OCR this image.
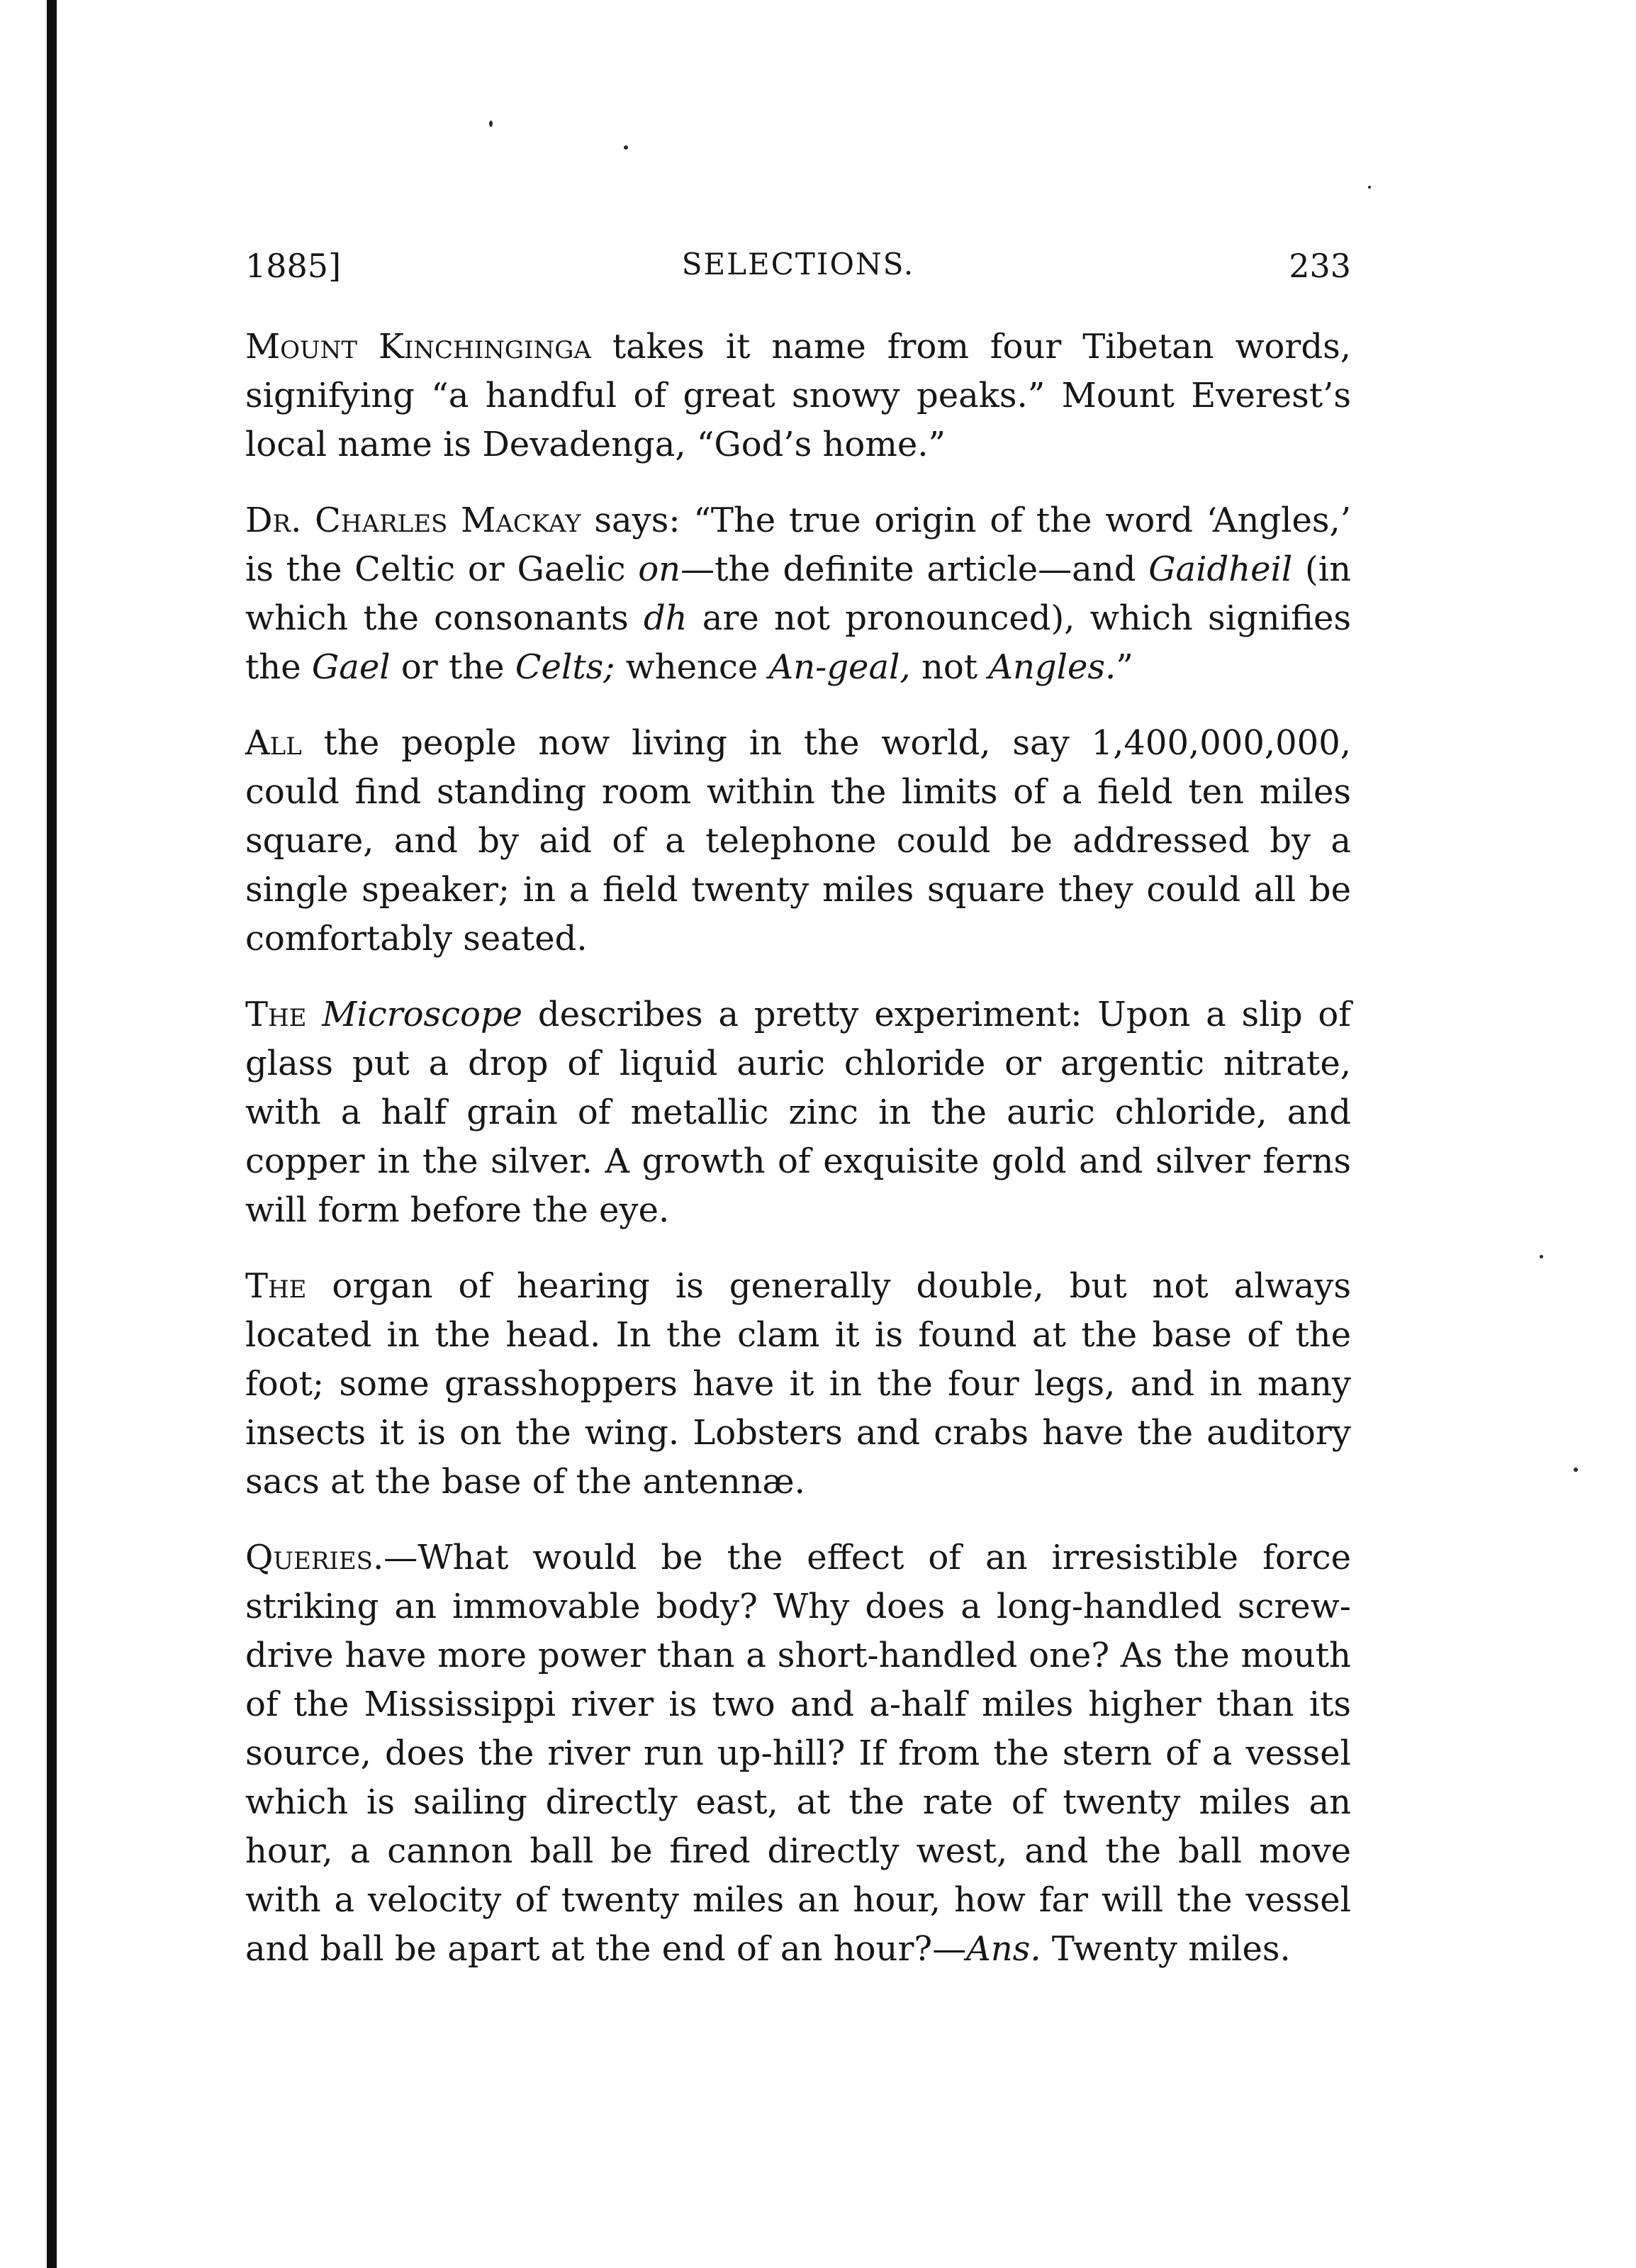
1885]	SELECTIONS.	233

Mount Kinchinginga takes it name from four Tibetan words, signifying “a handful of great snowy peaks.” Mount Everest’s local name is Devadenga, “God’s home.”

Dr. Charles Mackay says: “The true origin of the word ‘Angles,’ is the Celtic or Gaelic on—the definite article—and Gaidheil (in which the consonants dh are not pronounced), which signifies the Gael or the Celts; whence An-geal, not Angles.”

All the people now living in the world, say 1,400,000,000, could find standing room within the limits of a field ten miles square, and by aid of a telephone could be addressed by a single speaker; in a field twenty miles square they could all be comfortably seated.

The Microscope describes a pretty experiment: Upon a slip of glass put a drop of liquid auric chloride or argentic nitrate, with a half grain of metallic zinc in the auric chloride, and copper in the silver. A growth of exquisite gold and silver ferns will form before the eye.

The organ of hearing is generally double, but not always located in the head. In the clam it is found at the base of the foot; some grasshoppers have it in the four legs, and in many insects it is on the wing. Lobsters and crabs have the auditory sacs at the base of the antennæ.

Queries.—What would be the effect of an irresistible force striking an immovable body? Why does a long-handled screw-drive have more power than a short-handled one? As the mouth of the Mississippi river is two and a-half miles higher than its source, does the river run up-hill? If from the stern of a vessel which is sailing directly east, at the rate of twenty miles an hour, a cannon ball be fired directly west, and the ball move with a velocity of twenty miles an hour, how far will the vessel and ball be apart at the end of an hour?—Ans. Twenty miles.
